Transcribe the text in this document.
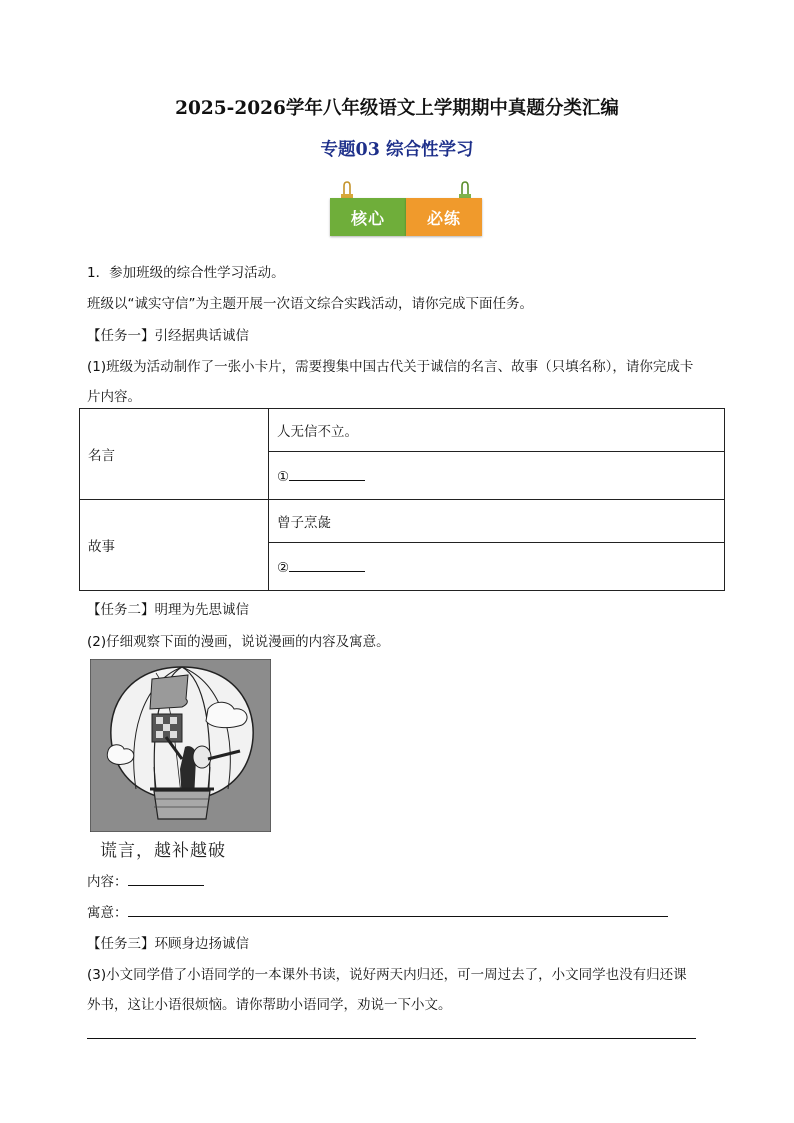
2025-2026学年八年级语文上学期期中真题分类汇编
专题03 综合性学习
核心	必练
1．参加班级的综合性学习活动。
班级以“诚实守信”为主题开展一次语文综合实践活动，请你完成下面任务。
【任务一】引经据典话诚信
(1)班级为活动制作了一张小卡片，需要搜集中国古代关于诚信的名言、故事（只填名称），请你完成卡
片内容。
名言	人无信不立。
	①
故事	曾子烹彘
	②
【任务二】明理为先思诚信
(2)仔细观察下面的漫画，说说漫画的内容及寓意。
谎言，越补越破
内容：
寓意：
【任务三】环顾身边扬诚信
(3)小文同学借了小语同学的一本课外书读，说好两天内归还，可一周过去了，小文同学也没有归还课
外书，这让小语很烦恼。请你帮助小语同学，劝说一下小文。
